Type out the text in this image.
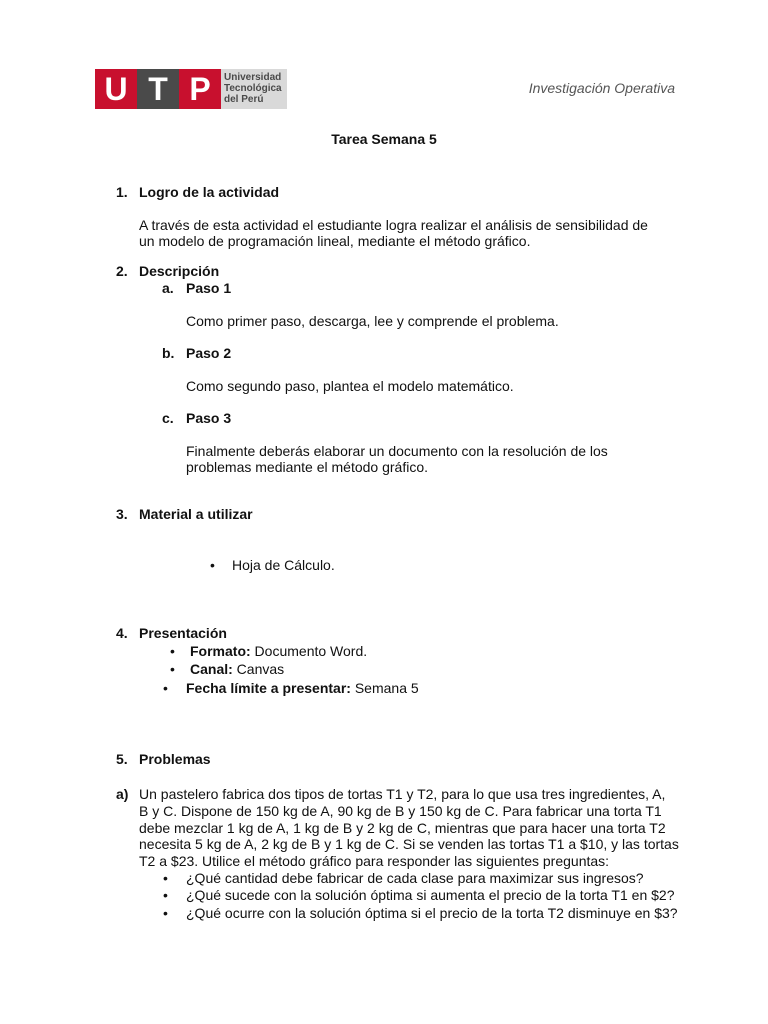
U T P	Universidad
Tecnológica
del Perú
Investigación Operativa
Tarea Semana 5
1. Logro de la actividad
A través de esta actividad el estudiante logra realizar el análisis de sensibilidad de
un modelo de programación lineal, mediante el método gráfico.
2. Descripción
a. Paso 1
Como primer paso, descarga, lee y comprende el problema.
b. Paso 2
Como segundo paso, plantea el modelo matemático.
c. Paso 3
Finalmente deberás elaborar un documento con la resolución de los
problemas mediante el método gráfico.
3. Material a utilizar
• Hoja de Cálculo.
4. Presentación
• Formato: Documento Word.
• Canal: Canvas
• Fecha límite a presentar: Semana 5
5. Problemas
a) Un pastelero fabrica dos tipos de tortas T1 y T2, para lo que usa tres ingredientes, A,
B y C. Dispone de 150 kg de A, 90 kg de B y 150 kg de C. Para fabricar una torta T1
debe mezclar 1 kg de A, 1 kg de B y 2 kg de C, mientras que para hacer una torta T2
necesita 5 kg de A, 2 kg de B y 1 kg de C. Si se venden las tortas T1 a $10, y las tortas
T2 a $23. Utilice el método gráfico para responder las siguientes preguntas:
• ¿Qué cantidad debe fabricar de cada clase para maximizar sus ingresos?
• ¿Qué sucede con la solución óptima si aumenta el precio de la torta T1 en $2?
• ¿Qué ocurre con la solución óptima si el precio de la torta T2 disminuye en $3?
